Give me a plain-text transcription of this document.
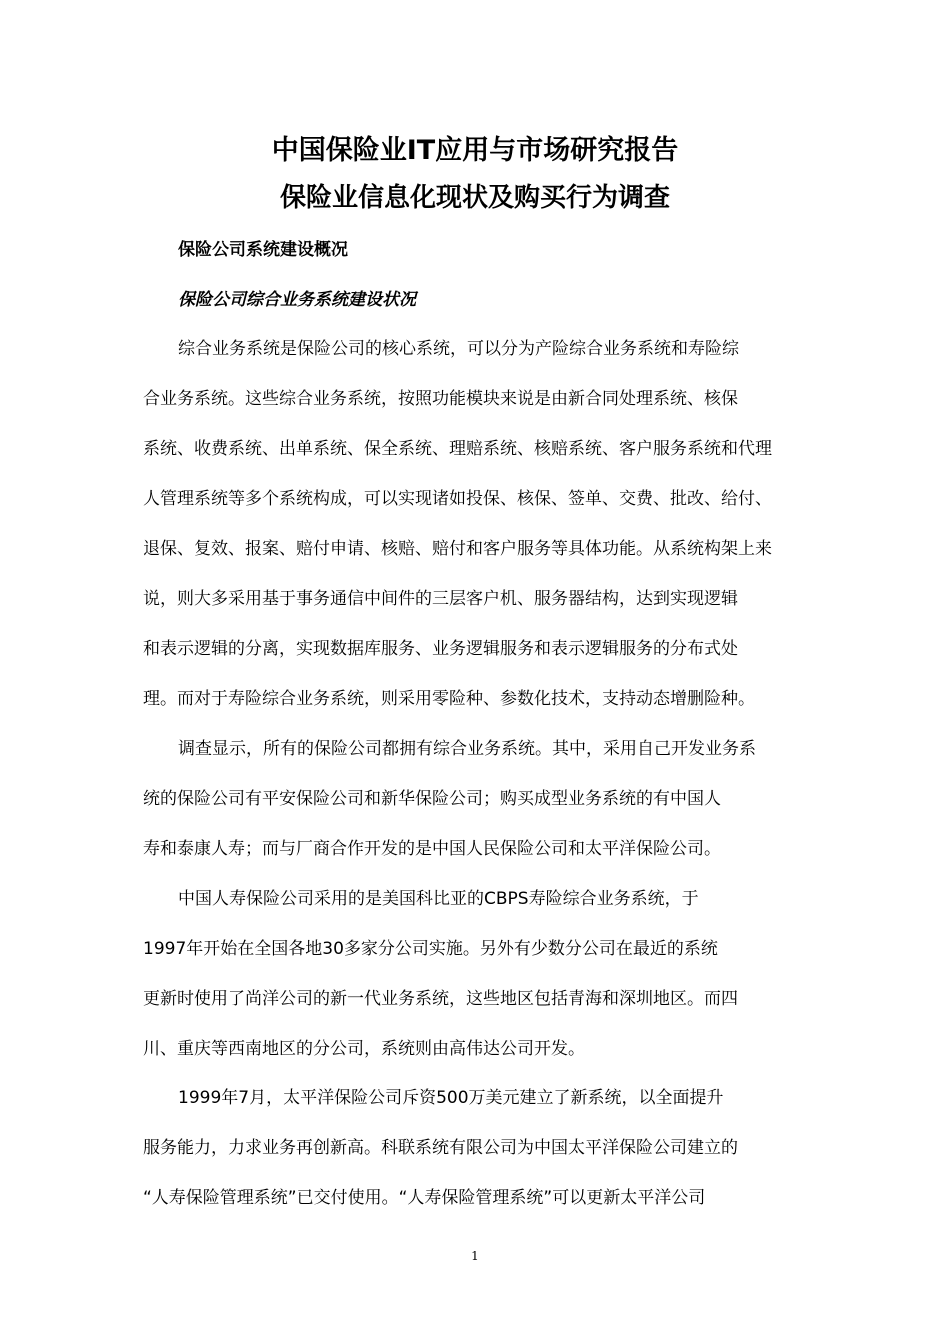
中国保险业IT应用与市场研究报告
保险业信息化现状及购买行为调查
保险公司系统建设概况
保险公司综合业务系统建设状况
综合业务系统是保险公司的核心系统，可以分为产险综合业务系统和寿险综
合业务系统。这些综合业务系统，按照功能模块来说是由新合同处理系统、核保
系统、收费系统、出单系统、保全系统、理赔系统、核赔系统、客户服务系统和代理
人管理系统等多个系统构成，可以实现诸如投保、核保、签单、交费、批改、给付、
退保、复效、报案、赔付申请、核赔、赔付和客户服务等具体功能。从系统构架上来
说，则大多采用基于事务通信中间件的三层客户机、服务器结构，达到实现逻辑
和表示逻辑的分离，实现数据库服务、业务逻辑服务和表示逻辑服务的分布式处
理。而对于寿险综合业务系统，则采用零险种、参数化技术，支持动态增删险种。
调查显示，所有的保险公司都拥有综合业务系统。其中，采用自己开发业务系
统的保险公司有平安保险公司和新华保险公司；购买成型业务系统的有中国人
寿和泰康人寿；而与厂商合作开发的是中国人民保险公司和太平洋保险公司。
中国人寿保险公司采用的是美国科比亚的CBPS寿险综合业务系统，于
1997年开始在全国各地30多家分公司实施。另外有少数分公司在最近的系统
更新时使用了尚洋公司的新一代业务系统，这些地区包括青海和深圳地区。而四
川、重庆等西南地区的分公司，系统则由高伟达公司开发。
1999年7月，太平洋保险公司斥资500万美元建立了新系统，以全面提升
服务能力，力求业务再创新高。科联系统有限公司为中国太平洋保险公司建立的
“人寿保险管理系统”已交付使用。“人寿保险管理系统”可以更新太平洋公司
1
